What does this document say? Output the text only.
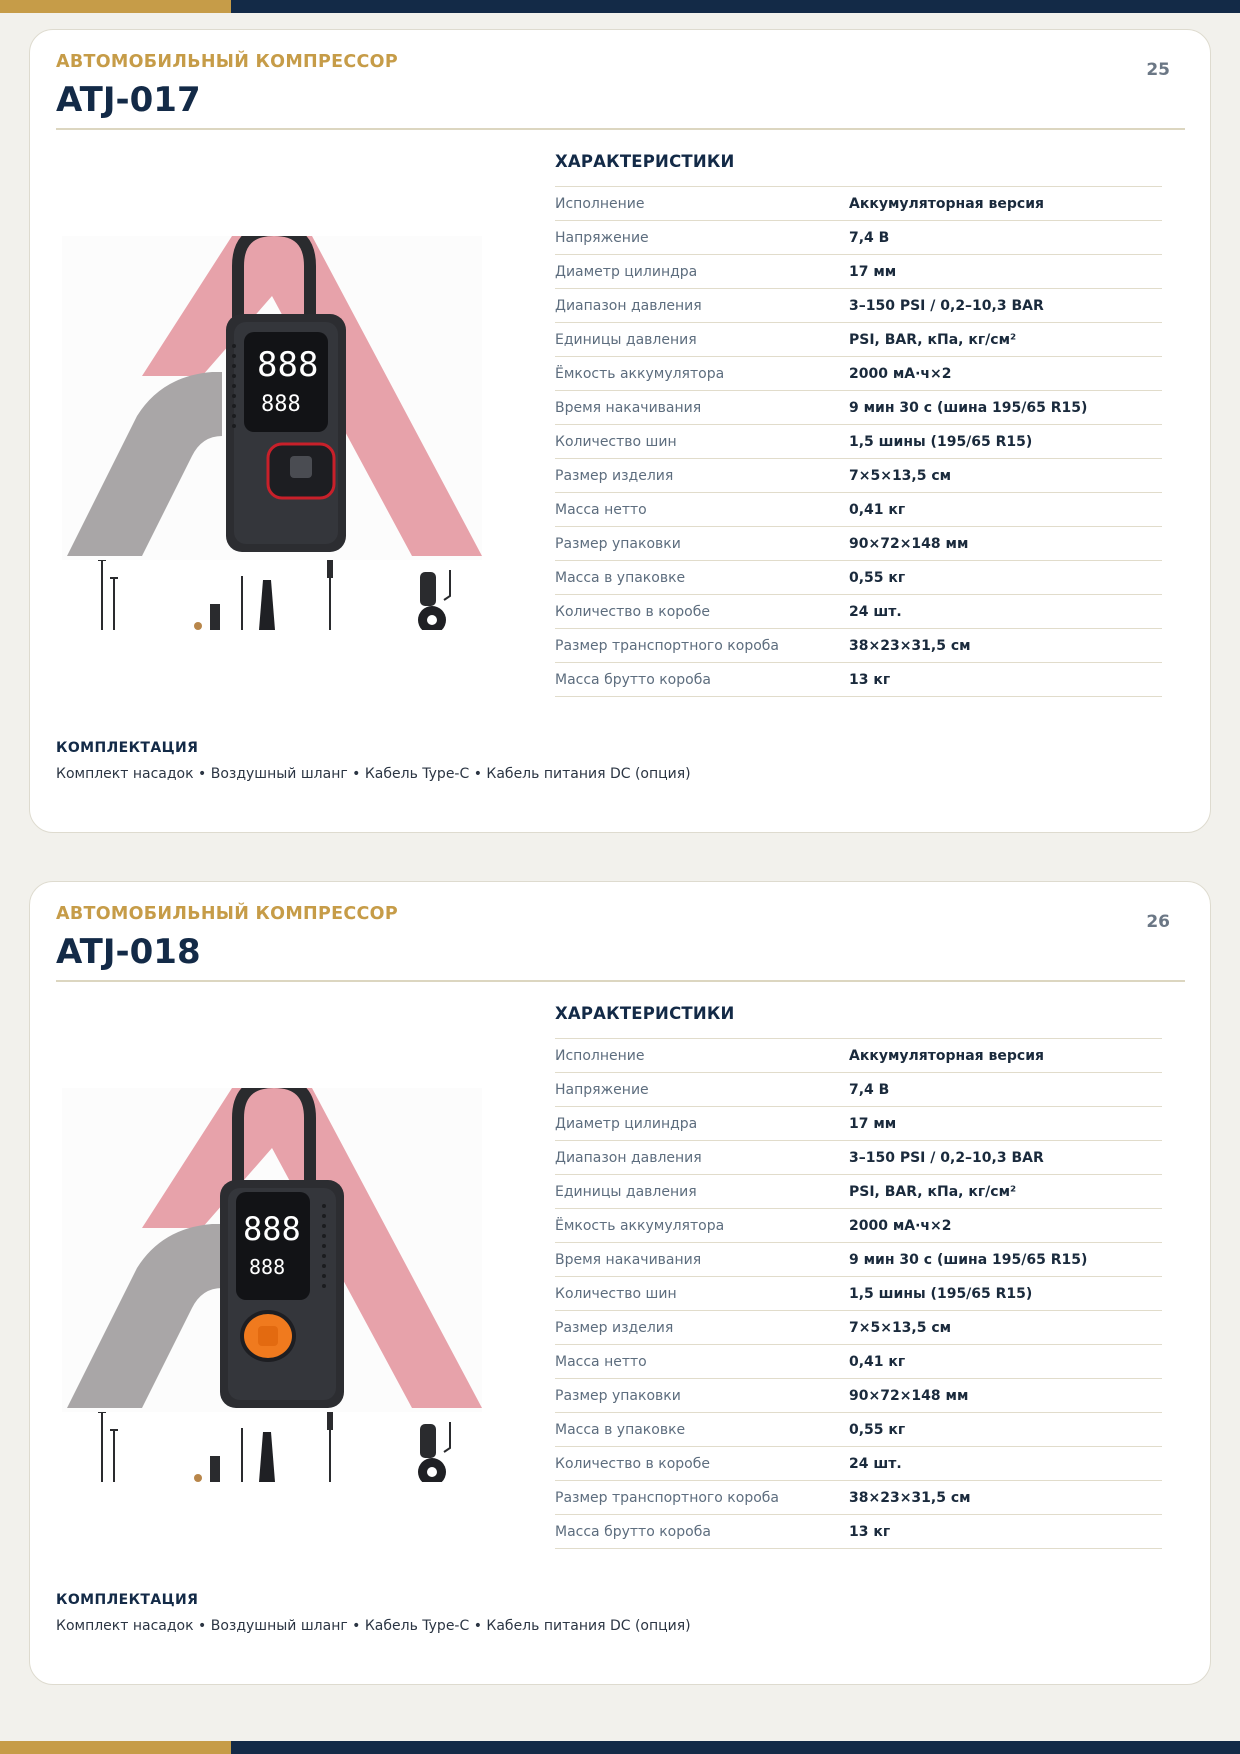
АВТОМОБИЛЬНЫЙ КОМПРЕССОР
ATJ-017
25
888
888
ХАРАКТЕРИСТИКИ
Исполнение	Аккумуляторная версия
Напряжение	7,4 В
Диаметр цилиндра	17 мм
Диапазон давления	3–150 PSI / 0,2–10,3 BAR
Единицы давления	PSI, BAR, кПа, кг/см²
Ёмкость аккумулятора	2000 мА·ч×2
Время накачивания	9 мин 30 с (шина 195/65 R15)
Количество шин	1,5 шины (195/65 R15)
Размер изделия	7×5×13,5 см
Масса нетто	0,41 кг
Размер упаковки	90×72×148 мм
Масса в упаковке	0,55 кг
Количество в коробе	24 шт.
Размер транспортного короба	38×23×31,5 см
Масса брутто короба	13 кг
КОМПЛЕКТАЦИЯ
Комплект насадок • Воздушный шланг • Кабель Type-C • Кабель питания DC (опция)
АВТОМОБИЛЬНЫЙ КОМПРЕССОР
ATJ-018
26
888
888
ХАРАКТЕРИСТИКИ
Исполнение	Аккумуляторная версия
Напряжение	7,4 В
Диаметр цилиндра	17 мм
Диапазон давления	3–150 PSI / 0,2–10,3 BAR
Единицы давления	PSI, BAR, кПа, кг/см²
Ёмкость аккумулятора	2000 мА·ч×2
Время накачивания	9 мин 30 с (шина 195/65 R15)
Количество шин	1,5 шины (195/65 R15)
Размер изделия	7×5×13,5 см
Масса нетто	0,41 кг
Размер упаковки	90×72×148 мм
Масса в упаковке	0,55 кг
Количество в коробе	24 шт.
Размер транспортного короба	38×23×31,5 см
Масса брутто короба	13 кг
КОМПЛЕКТАЦИЯ
Комплект насадок • Воздушный шланг • Кабель Type-C • Кабель питания DC (опция)
